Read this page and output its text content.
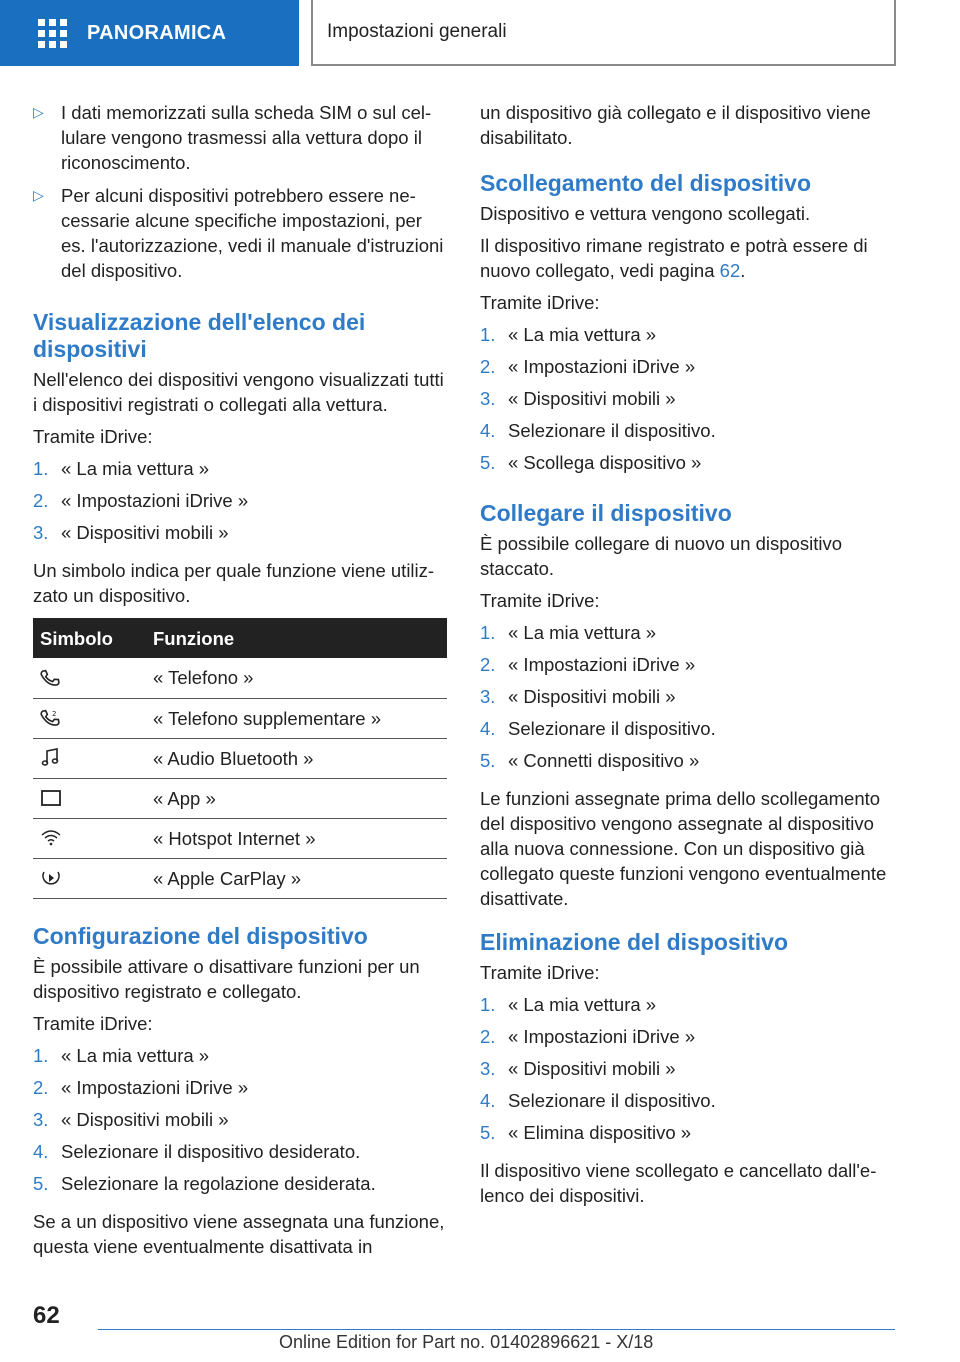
PANORAMICA	Impostazioni generali
▷ I dati memorizzati sulla scheda SIM o sul cellulare vengono trasmessi alla vettura dopo il riconoscimento.
▷ Per alcuni dispositivi potrebbero essere necessarie alcune specifiche impostazioni, per es. l'autorizzazione, vedi il manuale d'istruzioni del dispositivo.
Visualizzazione dell'elenco dei dispositivi
Nell'elenco dei dispositivi vengono visualizzati tutti i dispositivi registrati o collegati alla vettura.
Tramite iDrive:
1. « La mia vettura »
2. « Impostazioni iDrive »
3. « Dispositivi mobili »
Un simbolo indica per quale funzione viene utilizzato un dispositivo.
Simbolo	Funzione

	« Telefono »

2	« Telefono supplementare »

	« Audio Bluetooth »

	« App »

	« Hotspot Internet »

	« Apple CarPlay »
Configurazione del dispositivo
È possibile attivare o disattivare funzioni per un dispositivo registrato e collegato.
Tramite iDrive:
1. « La mia vettura »
2. « Impostazioni iDrive »
3. « Dispositivi mobili »
4. Selezionare il dispositivo desiderato.
5. Selezionare la regolazione desiderata.
Se a un dispositivo viene assegnata una funzione, questa viene eventualmente disattivata in
un dispositivo già collegato e il dispositivo viene disabilitato.
Scollegamento del dispositivo
Dispositivo e vettura vengono scollegati.
Il dispositivo rimane registrato e potrà essere di nuovo collegato, vedi pagina 62.
Tramite iDrive:
1. « La mia vettura »
2. « Impostazioni iDrive »
3. « Dispositivi mobili »
4. Selezionare il dispositivo.
5. « Scollega dispositivo »
Collegare il dispositivo
È possibile collegare di nuovo un dispositivo staccato.
Tramite iDrive:
1. « La mia vettura »
2. « Impostazioni iDrive »
3. « Dispositivi mobili »
4. Selezionare il dispositivo.
5. « Connetti dispositivo »
Le funzioni assegnate prima dello scollegamento del dispositivo vengono assegnate al dispositivo alla nuova connessione. Con un dispositivo già collegato queste funzioni vengono eventualmente disattivate.
Eliminazione del dispositivo
Tramite iDrive:
1. « La mia vettura »
2. « Impostazioni iDrive »
3. « Dispositivi mobili »
4. Selezionare il dispositivo.
5. « Elimina dispositivo »
Il dispositivo viene scollegato e cancellato dall'elenco dei dispositivi.
62
Online Edition for Part no. 01402896621 - X/18
